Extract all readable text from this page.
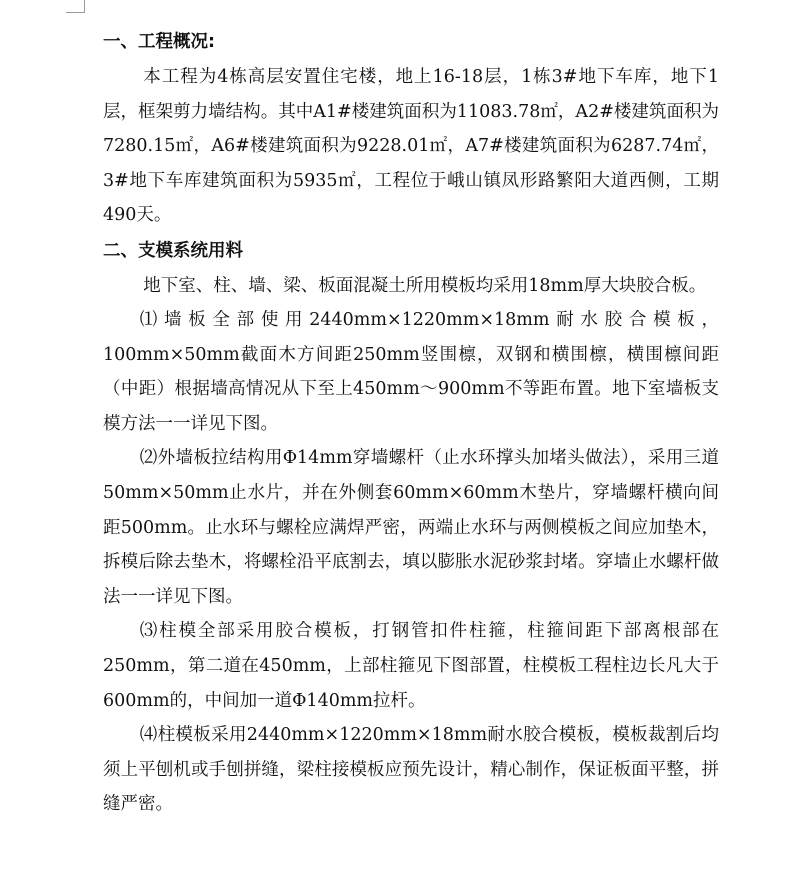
一、工程概况:

本工程为4栋高层安置住宅楼，地上16-18层，1栋3#地下车库，地下1层，框架剪力墙结构。其中A1#楼建筑面积为11083.78㎡，A2#楼建筑面积为7280.15㎡，A6#楼建筑面积为9228.01㎡，A7#楼建筑面积为6287.74㎡，3#地下车库建筑面积为5935㎡，工程位于峨山镇凤形路繁阳大道西侧，工期490天。

二、支模系统用料

地下室、柱、墙、梁、板面混凝土所用模板均采用18mm厚大块胶合板。

⑴墙板全部使用2440mm×1220mm×18mm耐水胶合模板，100mm×50mm截面木方间距250mm竖围檩，双钢和横围檩，横围檩间距（中距）根据墙高情况从下至上450mm～900mm不等距布置。地下室墙板支模方法一一详见下图。

⑵外墙板拉结构用Φ14mm穿墙螺杆（止水环撑头加堵头做法），采用三道50mm×50mm止水片，并在外侧套60mm×60mm木垫片，穿墙螺杆横向间距500mm。止水环与螺栓应满焊严密，两端止水环与两侧模板之间应加垫木，拆模后除去垫木，将螺栓沿平底割去，填以膨胀水泥砂浆封堵。穿墙止水螺杆做法一一详见下图。

⑶柱模全部采用胶合模板，打钢管扣件柱箍，柱箍间距下部离根部在250mm，第二道在450mm，上部柱箍见下图部置，柱模板工程柱边长凡大于600mm的，中间加一道Φ140mm拉杆。

⑷柱模板采用2440mm×1220mm×18mm耐水胶合模板，模板裁割后均须上平刨机或手刨拼缝，梁柱接模板应预先设计，精心制作，保证板面平整，拼缝严密。
